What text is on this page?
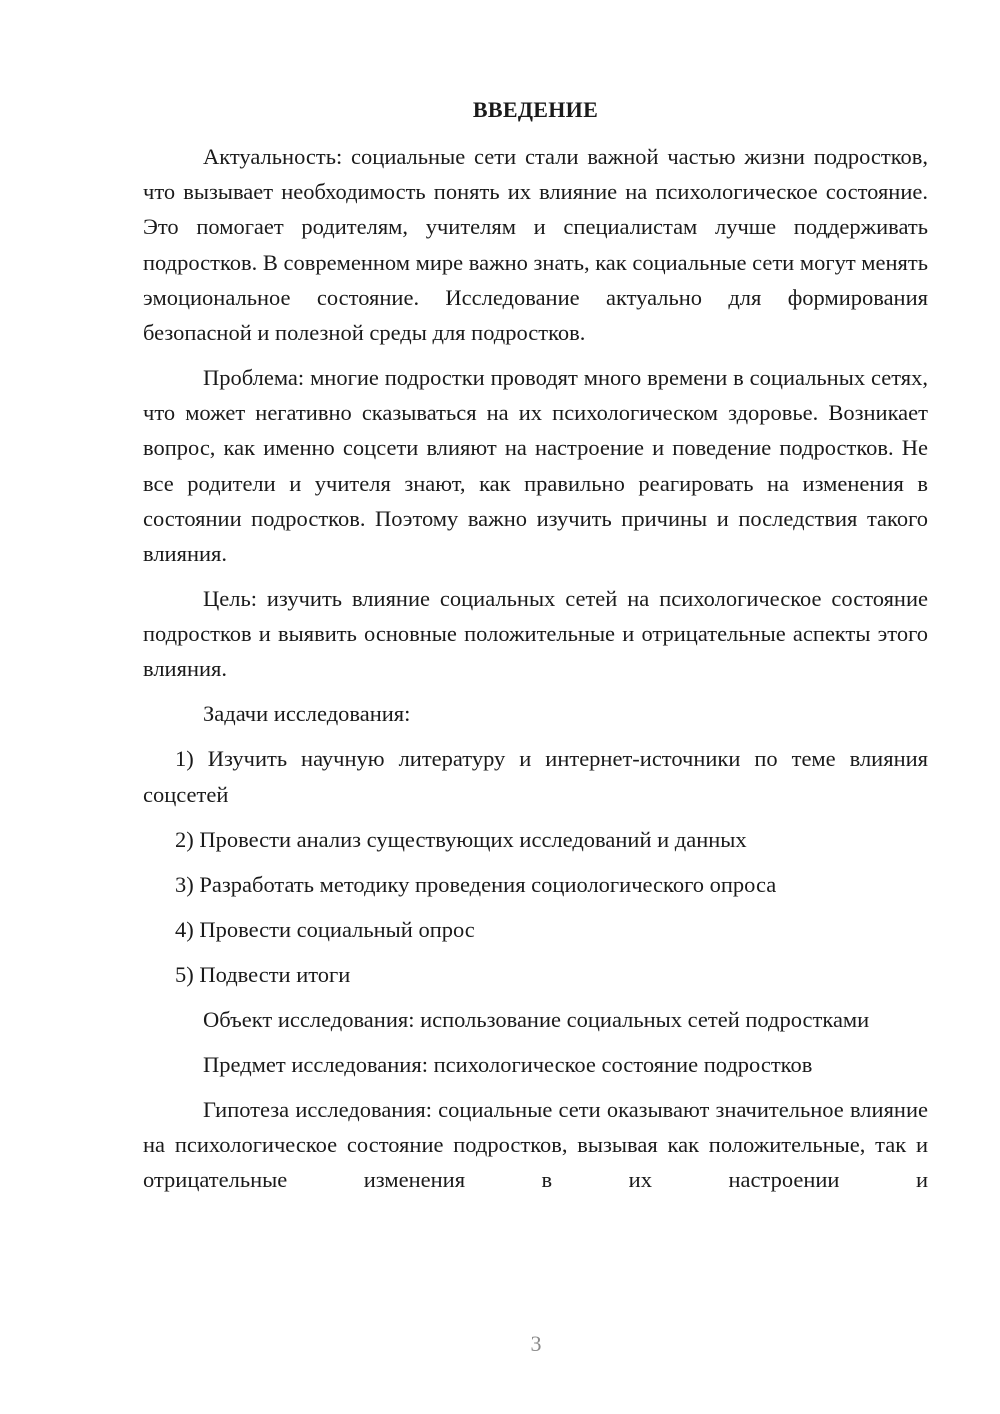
ВВЕДЕНИЕ

Актуальность: социальные сети стали важной частью жизни подростков, что вызывает необходимость понять их влияние на психологическое состояние. Это помогает родителям, учителям и специалистам лучше поддерживать подростков. В современном мире важно знать, как социальные сети могут менять эмоциональное состояние. Исследование актуально для формирования безопасной и полезной среды для подростков.

Проблема: многие подростки проводят много времени в социальных сетях, что может негативно сказываться на их психологическом здоровье. Возникает вопрос, как именно соцсети влияют на настроение и поведение подростков. Не все родители и учителя знают, как правильно реагировать на изменения в состоянии подростков. Поэтому важно изучить причины и последствия такого влияния.

Цель: изучить влияние социальных сетей на психологическое состояние подростков и выявить основные положительные и отрицательные аспекты этого влияния.

Задачи исследования:

1) Изучить научную литературу и интернет-источники по теме влияния соцсетей

2) Провести анализ существующих исследований и данных

3) Разработать методику проведения социологического опроса

4) Провести социальный опрос

5) Подвести итоги

Объект исследования: использование социальных сетей подростками

Предмет исследования: психологическое состояние подростков

Гипотеза исследования: социальные сети оказывают значительное влияние на психологическое состояние подростков, вызывая как положительные, так и отрицательные изменения в их настроении и

3
